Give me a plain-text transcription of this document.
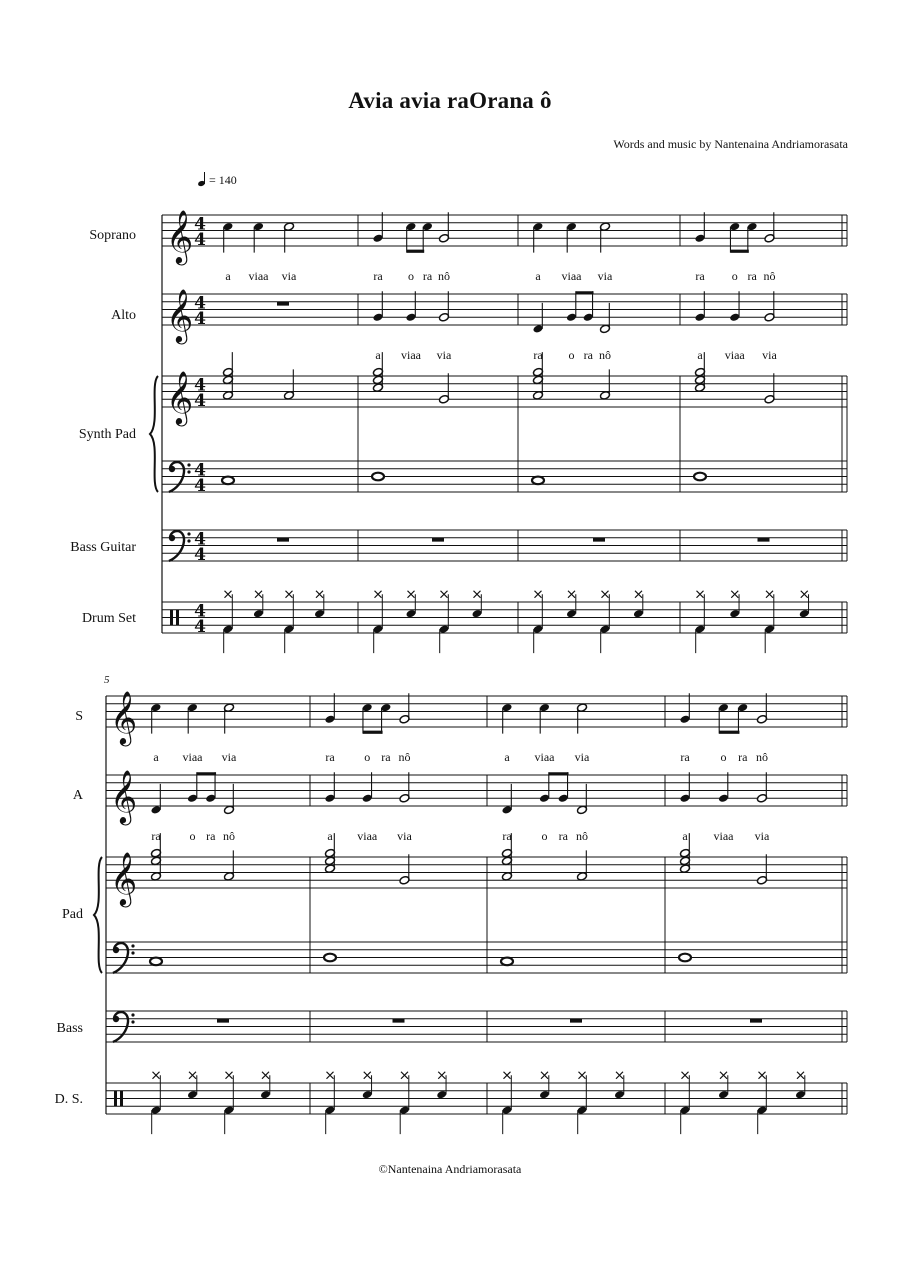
Avia avia raOrana ô
Words and music by Nantenaina Andriamorasata
= 140
Soprano
Alto
Synth Pad
Bass Guitar
Drum Set
5
S
A
Pad
Bass
D. S.
a viaa via	ra o ra nô
a viaa via
a viaa via
ra o ra nô
ra o ra nô
a viaa via
a viaa via
ra o ra nô
ra o ra nô
a viaa via
a viaa via
ra o ra nô
ra	o ra nô
a viaa via
𝄞
𝄞
𝄞
4
4
4
4
4
4
4
4
4
4
4
4
𝄞
𝄞
𝄞
©Nantenaina Andriamorasata
